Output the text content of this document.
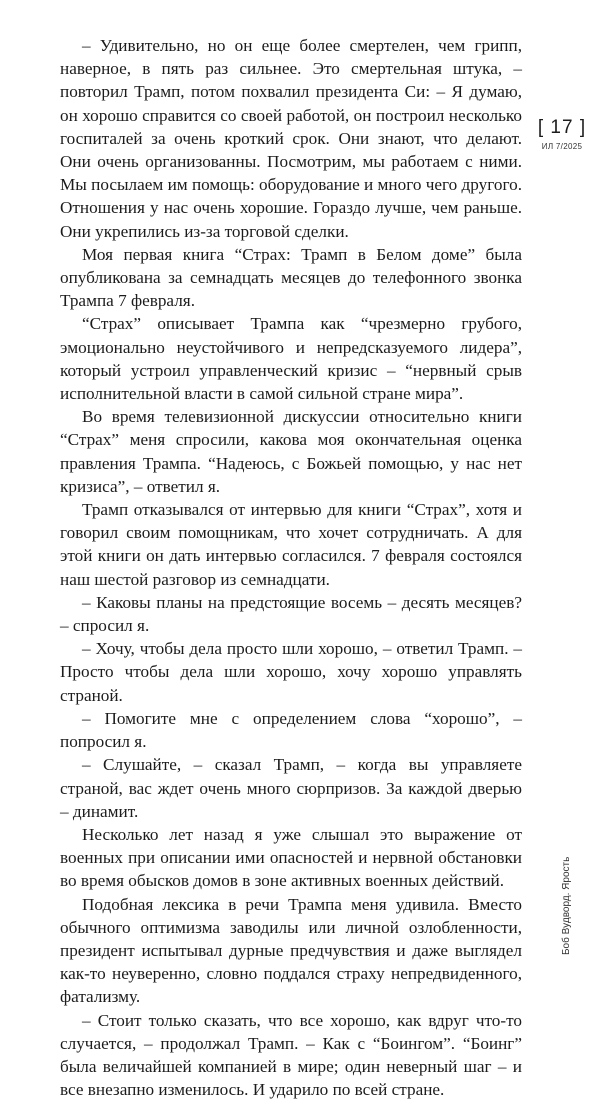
– Удивительно, но он еще более смертелен, чем грипп, наверное, в пять раз сильнее. Это смертельная штука, – повторил Трамп, потом похвалил президента Си: – Я думаю, он хорошо справится со своей работой, он построил несколько госпиталей за очень кроткий срок. Они знают, что делают. Они очень организованны. Посмотрим, мы работаем с ними. Мы посылаем им помощь: оборудование и много чего другого. Отношения у нас очень хорошие. Гораздо лучше, чем раньше. Они укрепились из-за торговой сделки.

Моя первая книга “Страх: Трамп в Белом доме” была опубликована за семнадцать месяцев до телефонного звонка Трампа 7 февраля.

“Страх” описывает Трампа как “чрезмерно грубого, эмоционально неустойчивого и непредсказуемого лидера”, который устроил управленческий кризис – “нервный срыв исполнительной власти в самой сильной стране мира”.

Во время телевизионной дискуссии относительно книги “Страх” меня спросили, какова моя окончательная оценка правления Трампа. “Надеюсь, с Божьей помощью, у нас нет кризиса”, – ответил я.

Трамп отказывался от интервью для книги “Страх”, хотя и говорил своим помощникам, что хочет сотрудничать. А для этой книги он дать интервью согласился. 7 февраля состоялся наш шестой разговор из семнадцати.

– Каковы планы на предстоящие восемь – десять месяцев? – спросил я.

– Хочу, чтобы дела просто шли хорошо, – ответил Трамп. – Просто чтобы дела шли хорошо, хочу хорошо управлять страной.

– Помогите мне с определением слова “хорошо”, – попросил я.

– Слушайте, – сказал Трамп, – когда вы управляете страной, вас ждет очень много сюрпризов. За каждой дверью – динамит.

Несколько лет назад я уже слышал это выражение от военных при описании ими опасностей и нервной обстановки во время обысков домов в зоне активных военных действий.

Подобная лексика в речи Трампа меня удивила. Вместо обычного оптимизма заводилы или личной озлобленности, президент испытывал дурные предчувствия и даже выглядел как-то неуверенно, словно поддался страху непредвиденного, фатализму.

– Стоит только сказать, что все хорошо, как вдруг что-то случается, – продолжал Трамп. – Как с “Боингом”. “Боинг” была величайшей компанией в мире; один неверный шаг – и все внезапно изменилось. И ударило по всей стране.

[ 17 ]
ИЛ 7/2025
Боб Вудворд. Ярость
